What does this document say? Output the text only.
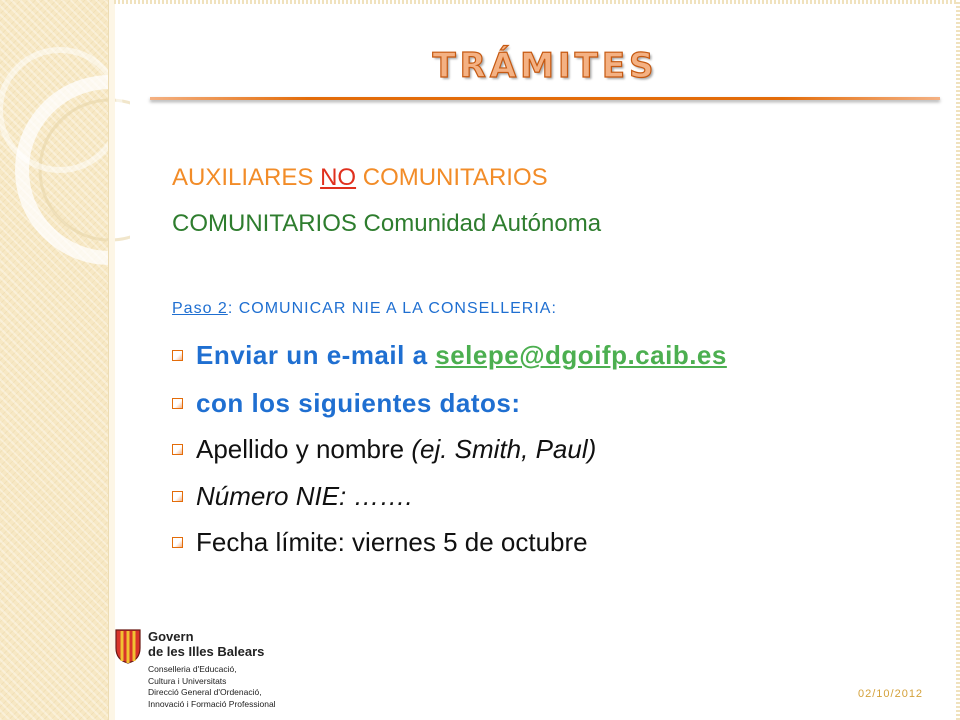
TRÁMITES

AUXILIARES NO COMUNITARIOS

COMUNITARIOS Comunidad Autónoma

Paso 2: COMUNICAR NIE A LA CONSELLERIA:

Enviar un e-mail a selepe@dgoifp.caib.es
con los siguientes datos:
Apellido y nombre (ej. Smith, Paul)
Número NIE: …….
Fecha límite: viernes 5 de octubre
Govern
de les Illes Balears
Conselleria d'Educació,
Cultura i Universitats
Direcció General d'Ordenació,
Innovació i Formació Professional
02/10/2012
